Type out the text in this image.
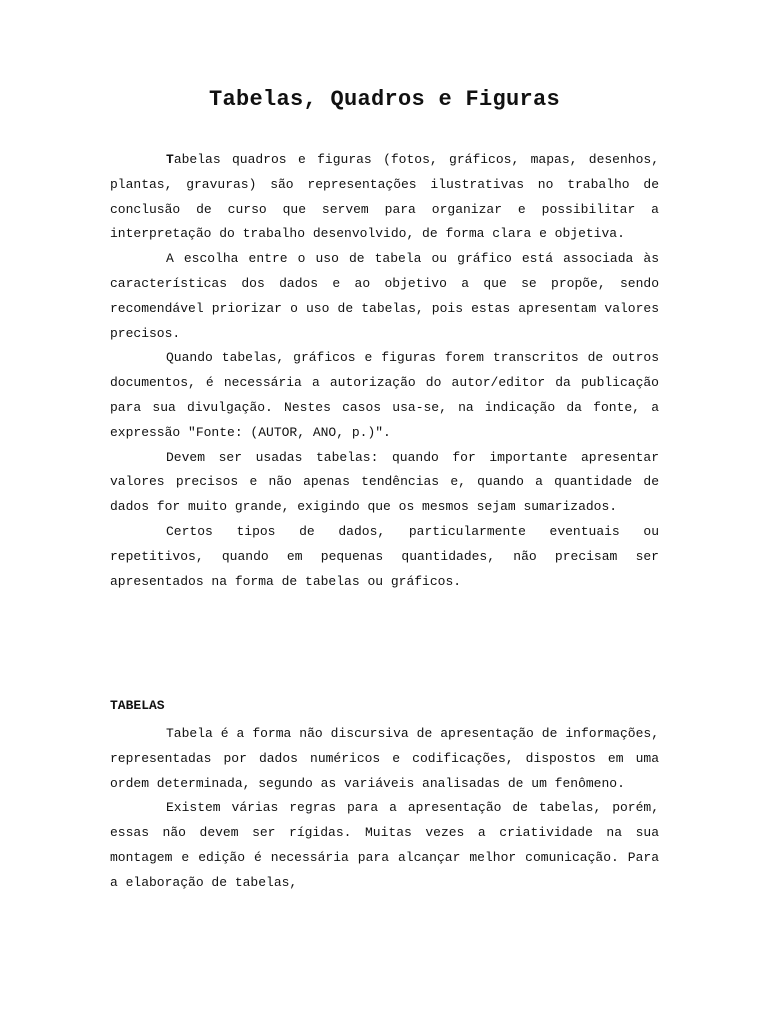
Tabelas, Quadros e Figuras

Tabelas quadros e figuras (fotos, gráficos, mapas, desenhos, plantas, gravuras) são representações ilustrativas no trabalho de conclusão de curso que servem para organizar e possibilitar a interpretação do trabalho desenvolvido, de forma clara e objetiva.

A escolha entre o uso de tabela ou gráfico está associada às características dos dados e ao objetivo a que se propõe, sendo recomendável priorizar o uso de tabelas, pois estas apresentam valores precisos.

Quando tabelas, gráficos e figuras forem transcritos de outros documentos, é necessária a autorização do autor/editor da publicação para sua divulgação. Nestes casos usa-se, na indicação da fonte, a expressão "Fonte: (AUTOR, ANO, p.)".

Devem ser usadas tabelas: quando for importante apresentar valores precisos e não apenas tendências e, quando a quantidade de dados for muito grande, exigindo que os mesmos sejam sumarizados.

Certos tipos de dados, particularmente eventuais ou repetitivos, quando em pequenas quantidades, não precisam ser apresentados na forma de tabelas ou gráficos.

TABELAS

Tabela é a forma não discursiva de apresentação de informações, representadas por dados numéricos e codificações, dispostos em uma ordem determinada, segundo as variáveis analisadas de um fenômeno.

Existem várias regras para a apresentação de tabelas, porém, essas não devem ser rígidas. Muitas vezes a criatividade na sua montagem e edição é necessária para alcançar melhor comunicação. Para a elaboração de tabelas,
